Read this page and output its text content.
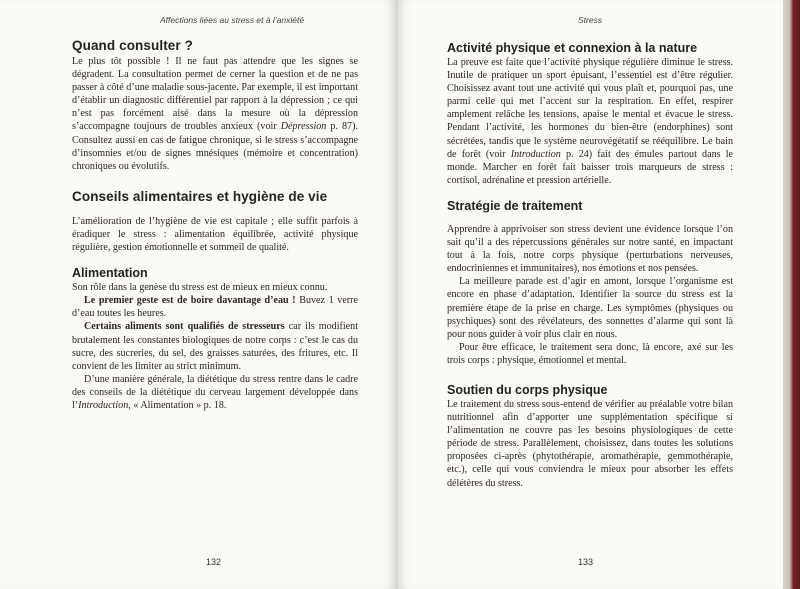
Affections liées au stress et à l’anxiété
Quand consulter ?

Le plus tôt possible ! Il ne faut pas attendre que les signes se dégradent. La consultation permet de cerner la question et de ne pas passer à côté d’une maladie sous-jacente. Par exemple, il est important d’établir un diagnostic différentiel par rapport à la dépression ; ce qui n’est pas forcément aisé dans la mesure où la dépression s’accompagne toujours de troubles anxieux (voir Dépression p. 87). Consultez aussi en cas de fatigue chronique, si le stress s’accompagne d’insomnies et/ou de signes mnésiques (mémoire et concentration) chroniques ou évolutifs.

Conseils alimentaires et hygiène de vie

L’amélioration de l’hygiène de vie est capitale ; elle suffit parfois à éradiquer le stress : alimentation équilibrée, activité physique régulière, gestion émotionnelle et sommeil de qualité.

Alimentation

Son rôle dans la genèse du stress est de mieux en mieux connu.

Le premier geste est de boire davantage d’eau ! Buvez 1 verre d’eau toutes les heures.

Certains aliments sont qualifiés de stresseurs car ils modifient brutalement les constantes biologiques de notre corps : c’est le cas du sucre, des sucreries, du sel, des graisses saturées, des fritures, etc. Il convient de les limiter au strict minimum.

D’une manière générale, la diététique du stress rentre dans le cadre des conseils de la diététique du cerveau largement développée dans l’Introduction, « Alimentation » p. 18.

132
Stress
Activité physique et connexion à la nature

La preuve est faite que l’activité physique régulière diminue le stress. Inutile de pratiquer un sport épuisant, l’essentiel est d’être régulier. Choisissez avant tout une activité qui vous plaît et, pourquoi pas, une parmi celle qui met l’accent sur la respiration. En effet, respirer amplement relâche les tensions, apaise le mental et évacue le stress. Pendant l’activité, les hormones du bien-être (endorphines) sont sécrétées, tandis que le système neurovégétatif se rééquilibre. Le bain de forêt (voir Introduction p. 24) fait des émules partout dans le monde. Marcher en forêt fait baisser trois marqueurs de stress : cortisol, adrénaline et pression artérielle.

Stratégie de traitement

Apprendre à apprivoiser son stress devient une évidence lorsque l’on sait qu’il a des répercussions générales sur notre santé, en impactant tout à la fois, notre corps physique (perturbations nerveuses, endocriniennes et immunitaires), nos émotions et nos pensées.

La meilleure parade est d’agir en amont, lorsque l’organisme est encore en phase d’adaptation. Identifier la source du stress est la première étape de la prise en charge. Les symptômes (physiques ou psychiques) sont des révélateurs, des sonnettes d’alarme qui sont là pour nous guider à voir plus clair en nous.

Pour être efficace, le traitement sera donc, là encore, axé sur les trois corps : physique, émotionnel et mental.

Soutien du corps physique

Le traitement du stress sous-entend de vérifier au préalable votre bilan nutritionnel afin d’apporter une supplémentation spécifique si l’alimentation ne couvre pas les besoins physiologiques de cette période de stress. Parallèlement, choisissez, dans toutes les solutions proposées ci-après (phytothérapie, aromathérapie, gemmothérapie, etc.), celle qui vous conviendra le mieux pour absorber les effets délétères du stress.

133
